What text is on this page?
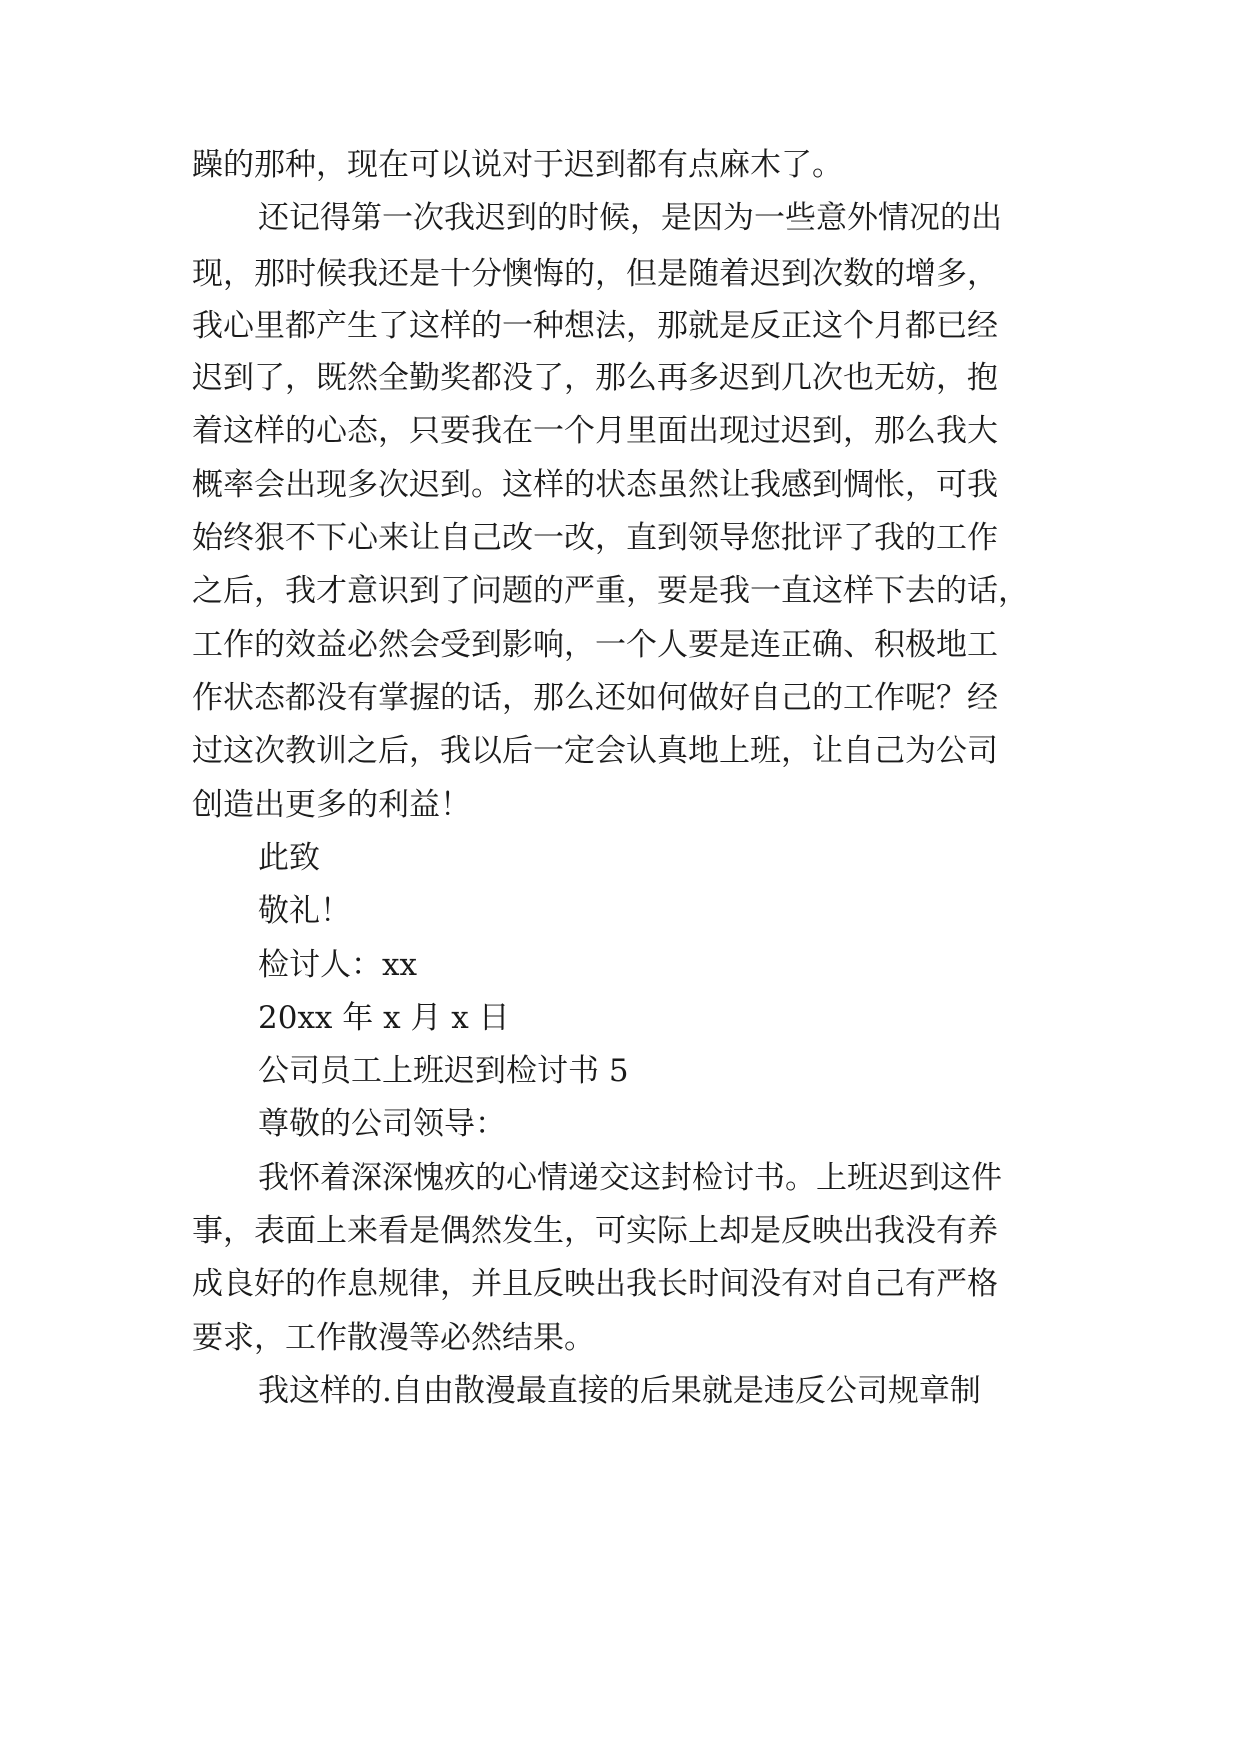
躁的那种，现在可以说对于迟到都有点麻木了。
还记得第一次我迟到的时候，是因为一些意外情况的出
现，那时候我还是十分懊悔的，但是随着迟到次数的增多，
我心里都产生了这样的一种想法，那就是反正这个月都已经
迟到了，既然全勤奖都没了，那么再多迟到几次也无妨，抱
着这样的心态，只要我在一个月里面出现过迟到，那么我大
概率会出现多次迟到。这样的状态虽然让我感到惆怅，可我
始终狠不下心来让自己改一改，直到领导您批评了我的工作
之后，我才意识到了问题的严重，要是我一直这样下去的话，
工作的效益必然会受到影响，一个人要是连正确、积极地工
作状态都没有掌握的话，那么还如何做好自己的工作呢？经
过这次教训之后，我以后一定会认真地上班，让自己为公司
创造出更多的利益！
此致
敬礼！
检讨人：xx
20xx 年 x 月 x 日
公司员工上班迟到检讨书 5
尊敬的公司领导：
我怀着深深愧疚的心情递交这封检讨书。上班迟到这件
事，表面上来看是偶然发生，可实际上却是反映出我没有养
成良好的作息规律，并且反映出我长时间没有对自己有严格
要求，工作散漫等必然结果。
我这样的.自由散漫最直接的后果就是违反公司规章制
